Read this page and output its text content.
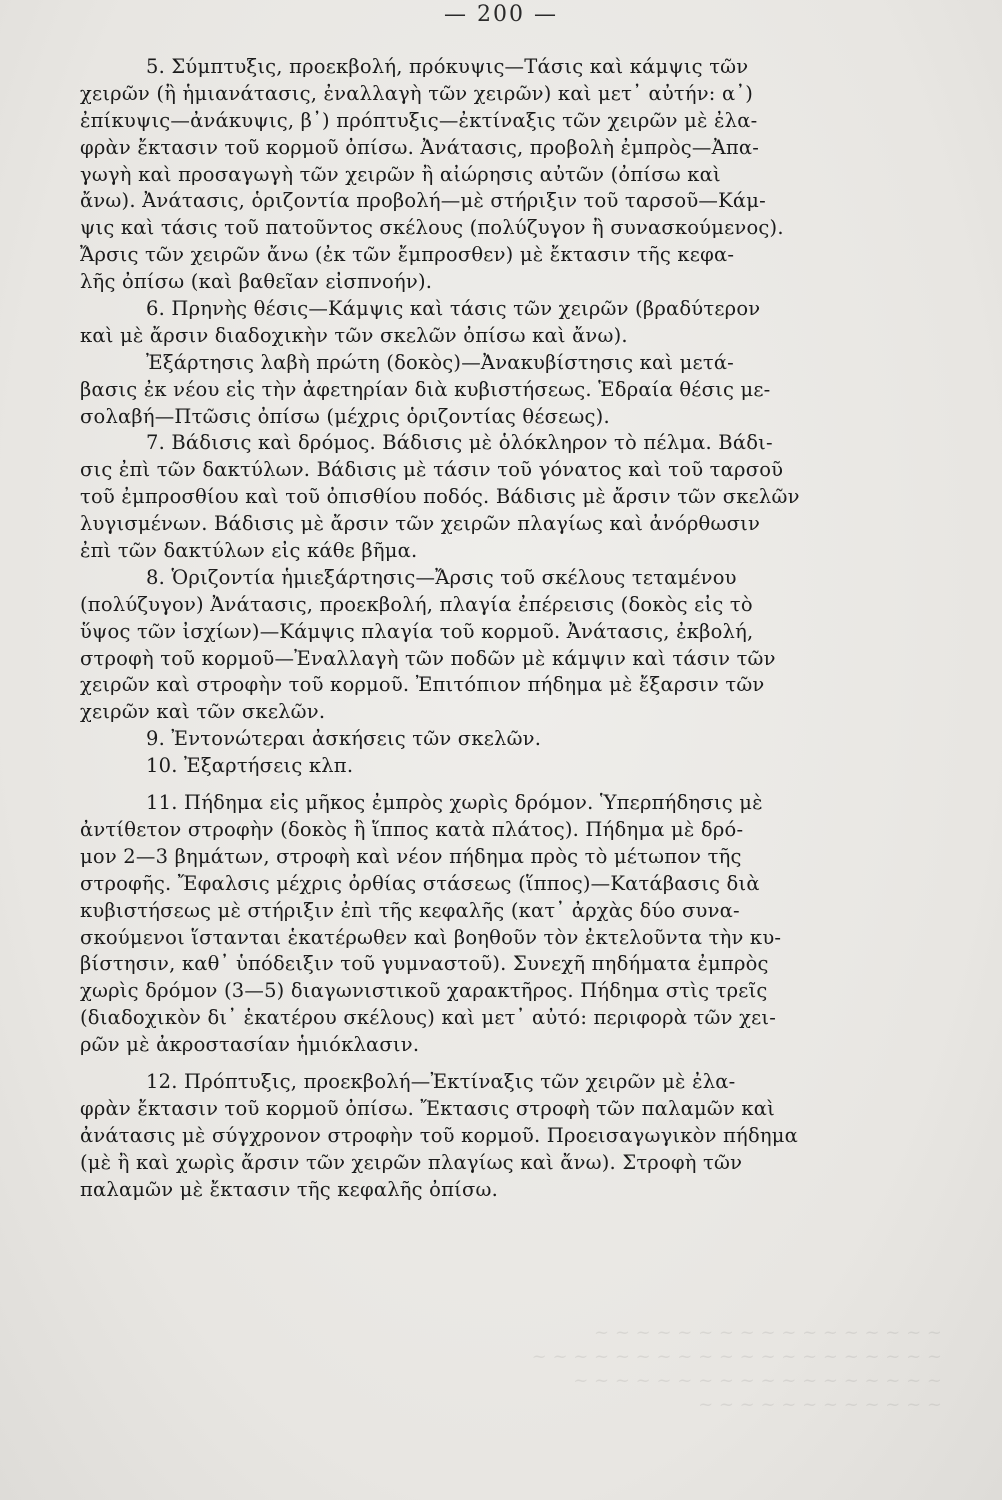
— 200 —
~ ~ ~ ~ ~ ~ ~ ~ ~ ~ ~ ~ ~ ~ ~ ~ ~
~ ~ ~ ~ ~ ~ ~ ~ ~ ~ ~ ~ ~ ~ ~ ~ ~ ~ ~ ~
~ ~ ~ ~ ~ ~ ~ ~ ~ ~ ~ ~ ~ ~ ~ ~ ~ ~
~ ~ ~ ~ ~ ~ ~ ~ ~ ~ ~ ~
5. Σύμπτυξις, προεκβολή, πρόκυψις—Τάσις καὶ κάμψις τῶν
χειρῶν (ἢ ἡμιανάτασις, ἐναλλαγὴ τῶν χειρῶν) καὶ μετ᾽ αὐτήν: α᾽)
ἐπίκυψις—ἀνάκυψις, β᾽) πρόπτυξις—ἐκτίναξις τῶν χειρῶν μὲ ἐλα-
φρὰν ἔκτασιν τοῦ κορμοῦ ὀπίσω. Ἀνάτασις, προβολὴ ἐμπρὸς—Ἀπα-
γωγὴ καὶ προσαγωγὴ τῶν χειρῶν ἢ αἰώρησις αὐτῶν (ὀπίσω καὶ
ἄνω). Ἀνάτασις, ὁριζοντία προβολή—μὲ στήριξιν τοῦ ταρσοῦ—Κάμ-
ψις καὶ τάσις τοῦ πατοῦντος σκέλους (πολύζυγον ἢ συνασκούμενος).
Ἄρσις τῶν χειρῶν ἄνω (ἐκ τῶν ἔμπροσθεν) μὲ ἔκτασιν τῆς κεφα-
λῆς ὀπίσω (καὶ βαθεῖαν εἰσπνοήν).
6. Πρηνὴς θέσις—Κάμψις καὶ τάσις τῶν χειρῶν (βραδύτερον
καὶ μὲ ἄρσιν διαδοχικὴν τῶν σκελῶν ὀπίσω καὶ ἄνω).
Ἐξάρτησις λαβὴ πρώτη (δοκὸς)—Ἀνακυβίστησις καὶ μετά-
βασις ἐκ νέου εἰς τὴν ἀφετηρίαν διὰ κυβιστήσεως. Ἑδραία θέσις με-
σολαβή—Πτῶσις ὀπίσω (μέχρις ὁριζοντίας θέσεως).
7. Βάδισις καὶ δρόμος. Βάδισις μὲ ὁλόκληρον τὸ πέλμα. Βάδι-
σις ἐπὶ τῶν δακτύλων. Βάδισις μὲ τάσιν τοῦ γόνατος καὶ τοῦ ταρσοῦ
τοῦ ἐμπροσθίου καὶ τοῦ ὀπισθίου ποδός. Βάδισις μὲ ἄρσιν τῶν σκελῶν
λυγισμένων. Βάδισις μὲ ἄρσιν τῶν χειρῶν πλαγίως καὶ ἀνόρθωσιν
ἐπὶ τῶν δακτύλων εἰς κάθε βῆμα.
8. Ὁριζοντία ἡμιεξάρτησις—Ἄρσις τοῦ σκέλους τεταμένου
(πολύζυγον) Ἀνάτασις, προεκβολή, πλαγία ἐπέρεισις (δοκὸς εἰς τὸ
ὕψος τῶν ἰσχίων)—Κάμψις πλαγία τοῦ κορμοῦ. Ἀνάτασις, ἐκβολή,
στροφὴ τοῦ κορμοῦ—Ἐναλλαγὴ τῶν ποδῶν μὲ κάμψιν καὶ τάσιν τῶν
χειρῶν καὶ στροφὴν τοῦ κορμοῦ. Ἐπιτόπιον πήδημα μὲ ἔξαρσιν τῶν
χειρῶν καὶ τῶν σκελῶν.
9. Ἐντονώτεραι ἀσκήσεις τῶν σκελῶν.
10. Ἐξαρτήσεις κλπ.
11. Πήδημα εἰς μῆκος ἐμπρὸς χωρὶς δρόμον. Ὑπερπήδησις μὲ
ἀντίθετον στροφὴν (δοκὸς ἢ ἵππος κατὰ πλάτος). Πήδημα μὲ δρό-
μον 2—3 βημάτων, στροφὴ καὶ νέον πήδημα πρὸς τὸ μέτωπον τῆς
στροφῆς. Ἔφαλσις μέχρις ὀρθίας στάσεως (ἵππος)—Κατάβασις διὰ
κυβιστήσεως μὲ στήριξιν ἐπὶ τῆς κεφαλῆς (κατ᾽ ἀρχὰς δύο συνα-
σκούμενοι ἵστανται ἑκατέρωθεν καὶ βοηθοῦν τὸν ἐκτελοῦντα τὴν κυ-
βίστησιν, καθ᾽ ὑπόδειξιν τοῦ γυμναστοῦ). Συνεχῆ πηδήματα ἐμπρὸς
χωρὶς δρόμον (3—5) διαγωνιστικοῦ χαρακτῆρος. Πήδημα στὶς τρεῖς
(διαδοχικὸν δι᾽ ἑκατέρου σκέλους) καὶ μετ᾽ αὐτό: περιφορὰ τῶν χει-
ρῶν μὲ ἀκροστασίαν ἡμιόκλασιν.
12. Πρόπτυξις, προεκβολή—Ἐκτίναξις τῶν χειρῶν μὲ ἐλα-
φρὰν ἔκτασιν τοῦ κορμοῦ ὀπίσω. Ἔκτασις στροφὴ τῶν παλαμῶν καὶ
ἀνάτασις μὲ σύγχρονον στροφὴν τοῦ κορμοῦ. Προεισαγωγικὸν πήδημα
(μὲ ἢ καὶ χωρὶς ἄρσιν τῶν χειρῶν πλαγίως καὶ ἄνω). Στροφὴ τῶν
παλαμῶν μὲ ἔκτασιν τῆς κεφαλῆς ὀπίσω.
